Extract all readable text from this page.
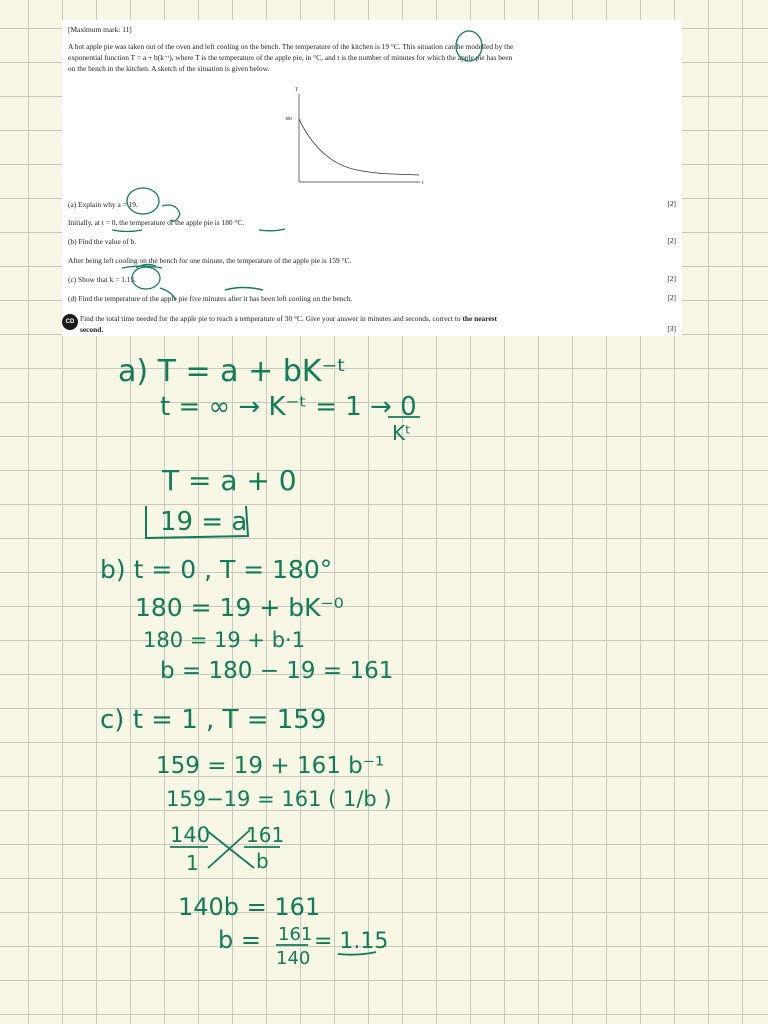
[Maximum mark: 11]
A hot apple pie was taken out of the oven and left cooling on the bench. The temperature of the kitchen is 19 °C. This situation can be modelled by the
exponential function T = a + b(k⁻ᵗ), where T is the temperature of the apple pie, in °C, and t is the number of minutes for which the apple pie has been
on the bench in the kitchen. A sketch of the situation is given below.
T
t
180
(a) Explain why a = 19.	[2]
Initially, at t = 0, the temperature of the apple pie is 180 °C.
(b) Find the value of b.	[2]
After being left cooling on the bench for one minute, the temperature of the apple pie is 159 °C.
(c) Show that k = 1.15.	[2]
(d) Find the temperature of the apple pie five minutes after it has been left cooling on the bench.	[2]
CD Find the total time needed for the apple pie to reach a temperature of 30 °C. Give your answer in minutes and seconds, correct to the nearest
second.	[3]
a) T = a + bK⁻ᵗ
t = ∞ → K⁻ᵗ = 1 → 0
Kᵗ
T = a + 0
19 = a
b) t = 0 , T = 180°
180 = 19 + bK⁻⁰
180 = 19 + b·1
b = 180 − 19 = 161
c) t = 1 , T = 159
159 = 19 + 161 b⁻¹
159−19 = 161 ( 1/b )
140
1
161
b
140b = 161
b = 161
140
= 1.15
